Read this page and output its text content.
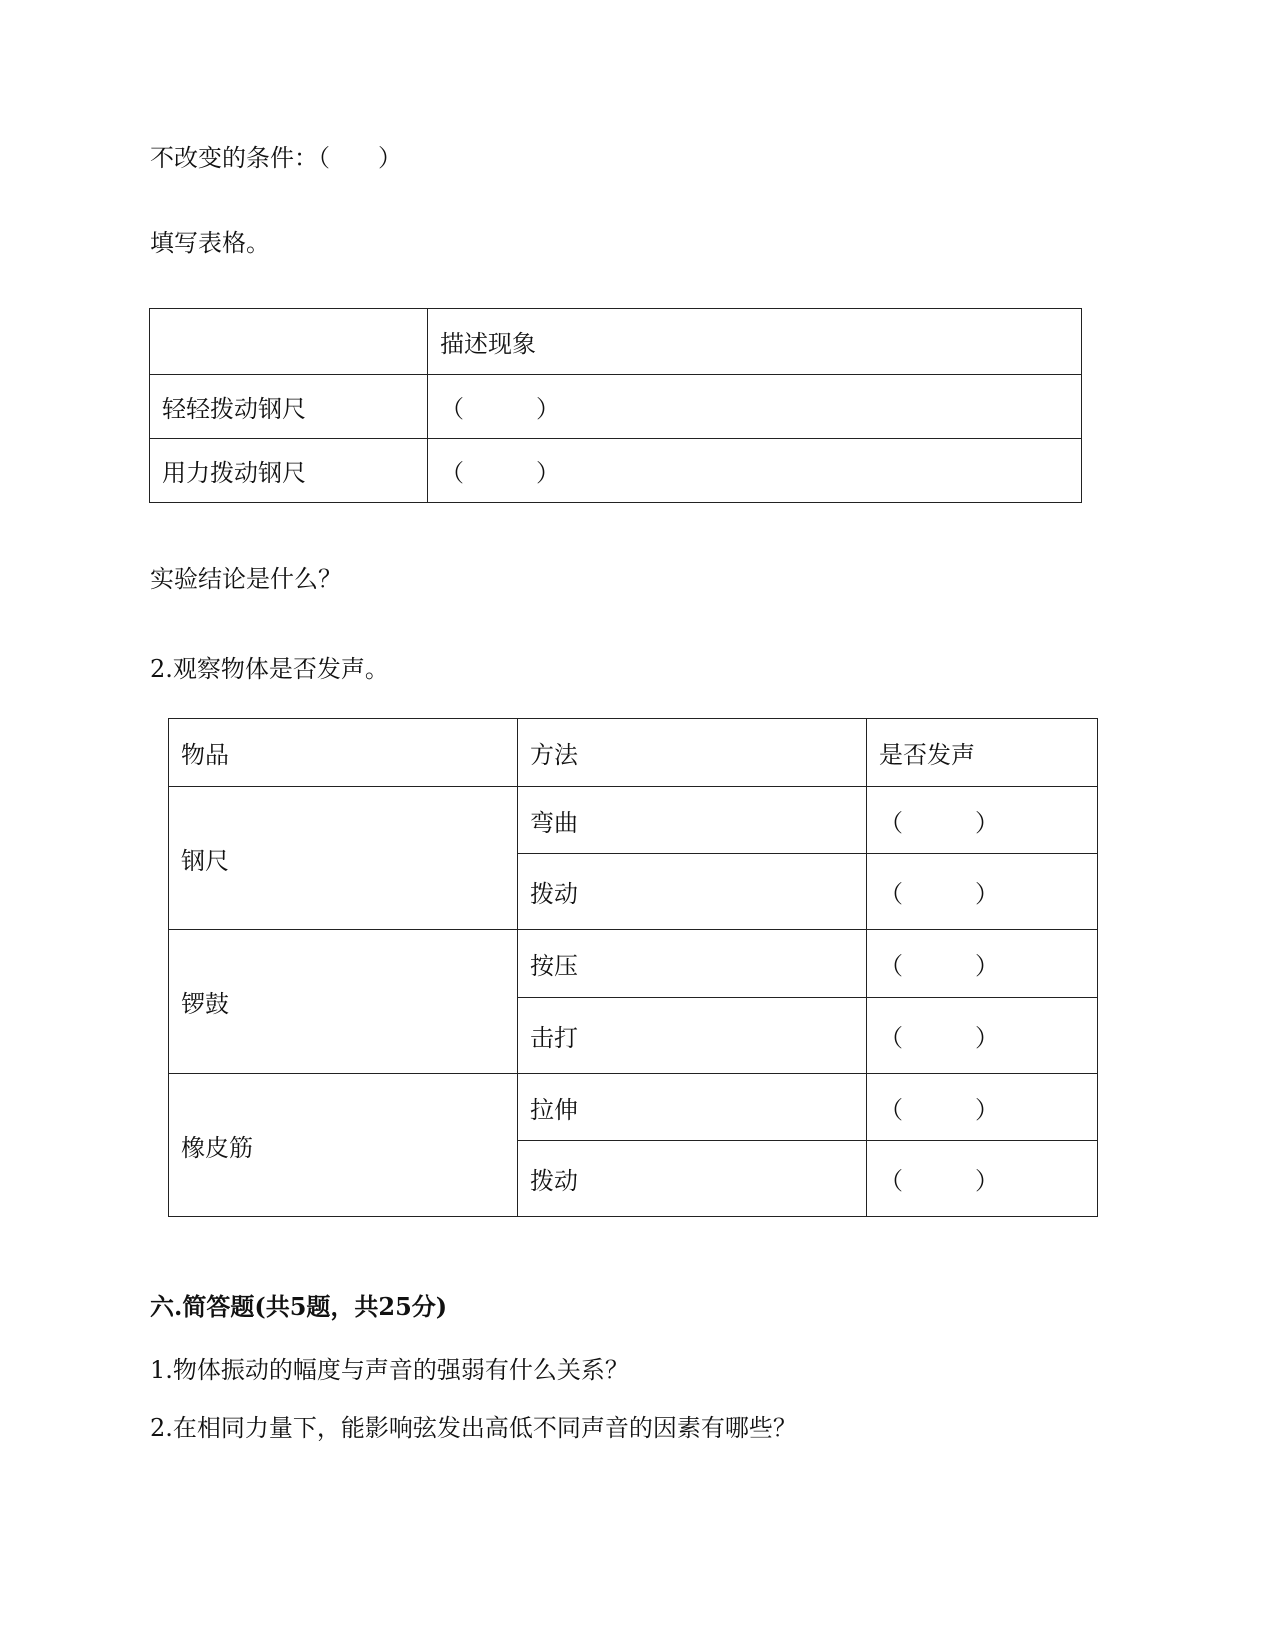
不改变的条件：（　　）
填写表格。
	描述现象
轻轻拨动钢尺	（　　　）
用力拨动钢尺	（　　　）
实验结论是什么？
2.观察物体是否发声。
物品	方法	是否发声
钢尺	弯曲	（　　　）
	拨动	（　　　）
锣鼓	按压	（　　　）
	击打	（　　　）
橡皮筋	拉伸	（　　　）
	拨动	（　　　）
六.简答题(共5题，共25分)
1.物体振动的幅度与声音的强弱有什么关系？
2.在相同力量下，能影响弦发出高低不同声音的因素有哪些？
